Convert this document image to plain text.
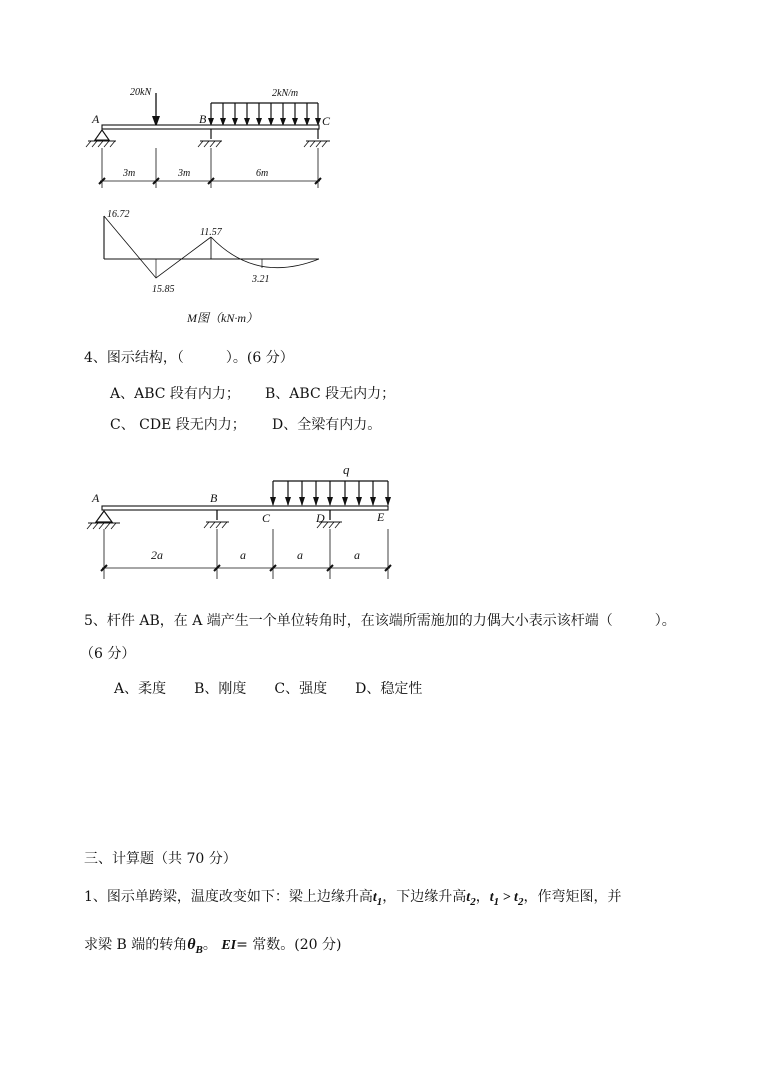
20kN	2kN/m
A	B	C
3m	3m	6m
16.72
11.57
15.85
3.21
M图（kN·m）
4、图示结构，（　　　）。(6 分）
A、ABC 段有内力； B、ABC 段无内力；
C、 CDE 段无内力； D、全梁有内力。
q
A	B
C	D	E
2a	a	a	a
5、杆件 AB，在 A 端产生一个单位转角时，在该端所需施加的力偶大小表示该杆端（　　　）。
（6 分）
A、柔度　　B、刚度　　C、强度　　D、稳定性
三、计算题（共 70 分）
1、图示单跨梁，温度改变如下：梁上边缘升高$t_1$，下边缘升高$t_2$，$t_1 > t_2$，作弯矩图，并
求梁 B 端的转角$\theta_B$。 EI= 常数。(20 分)
